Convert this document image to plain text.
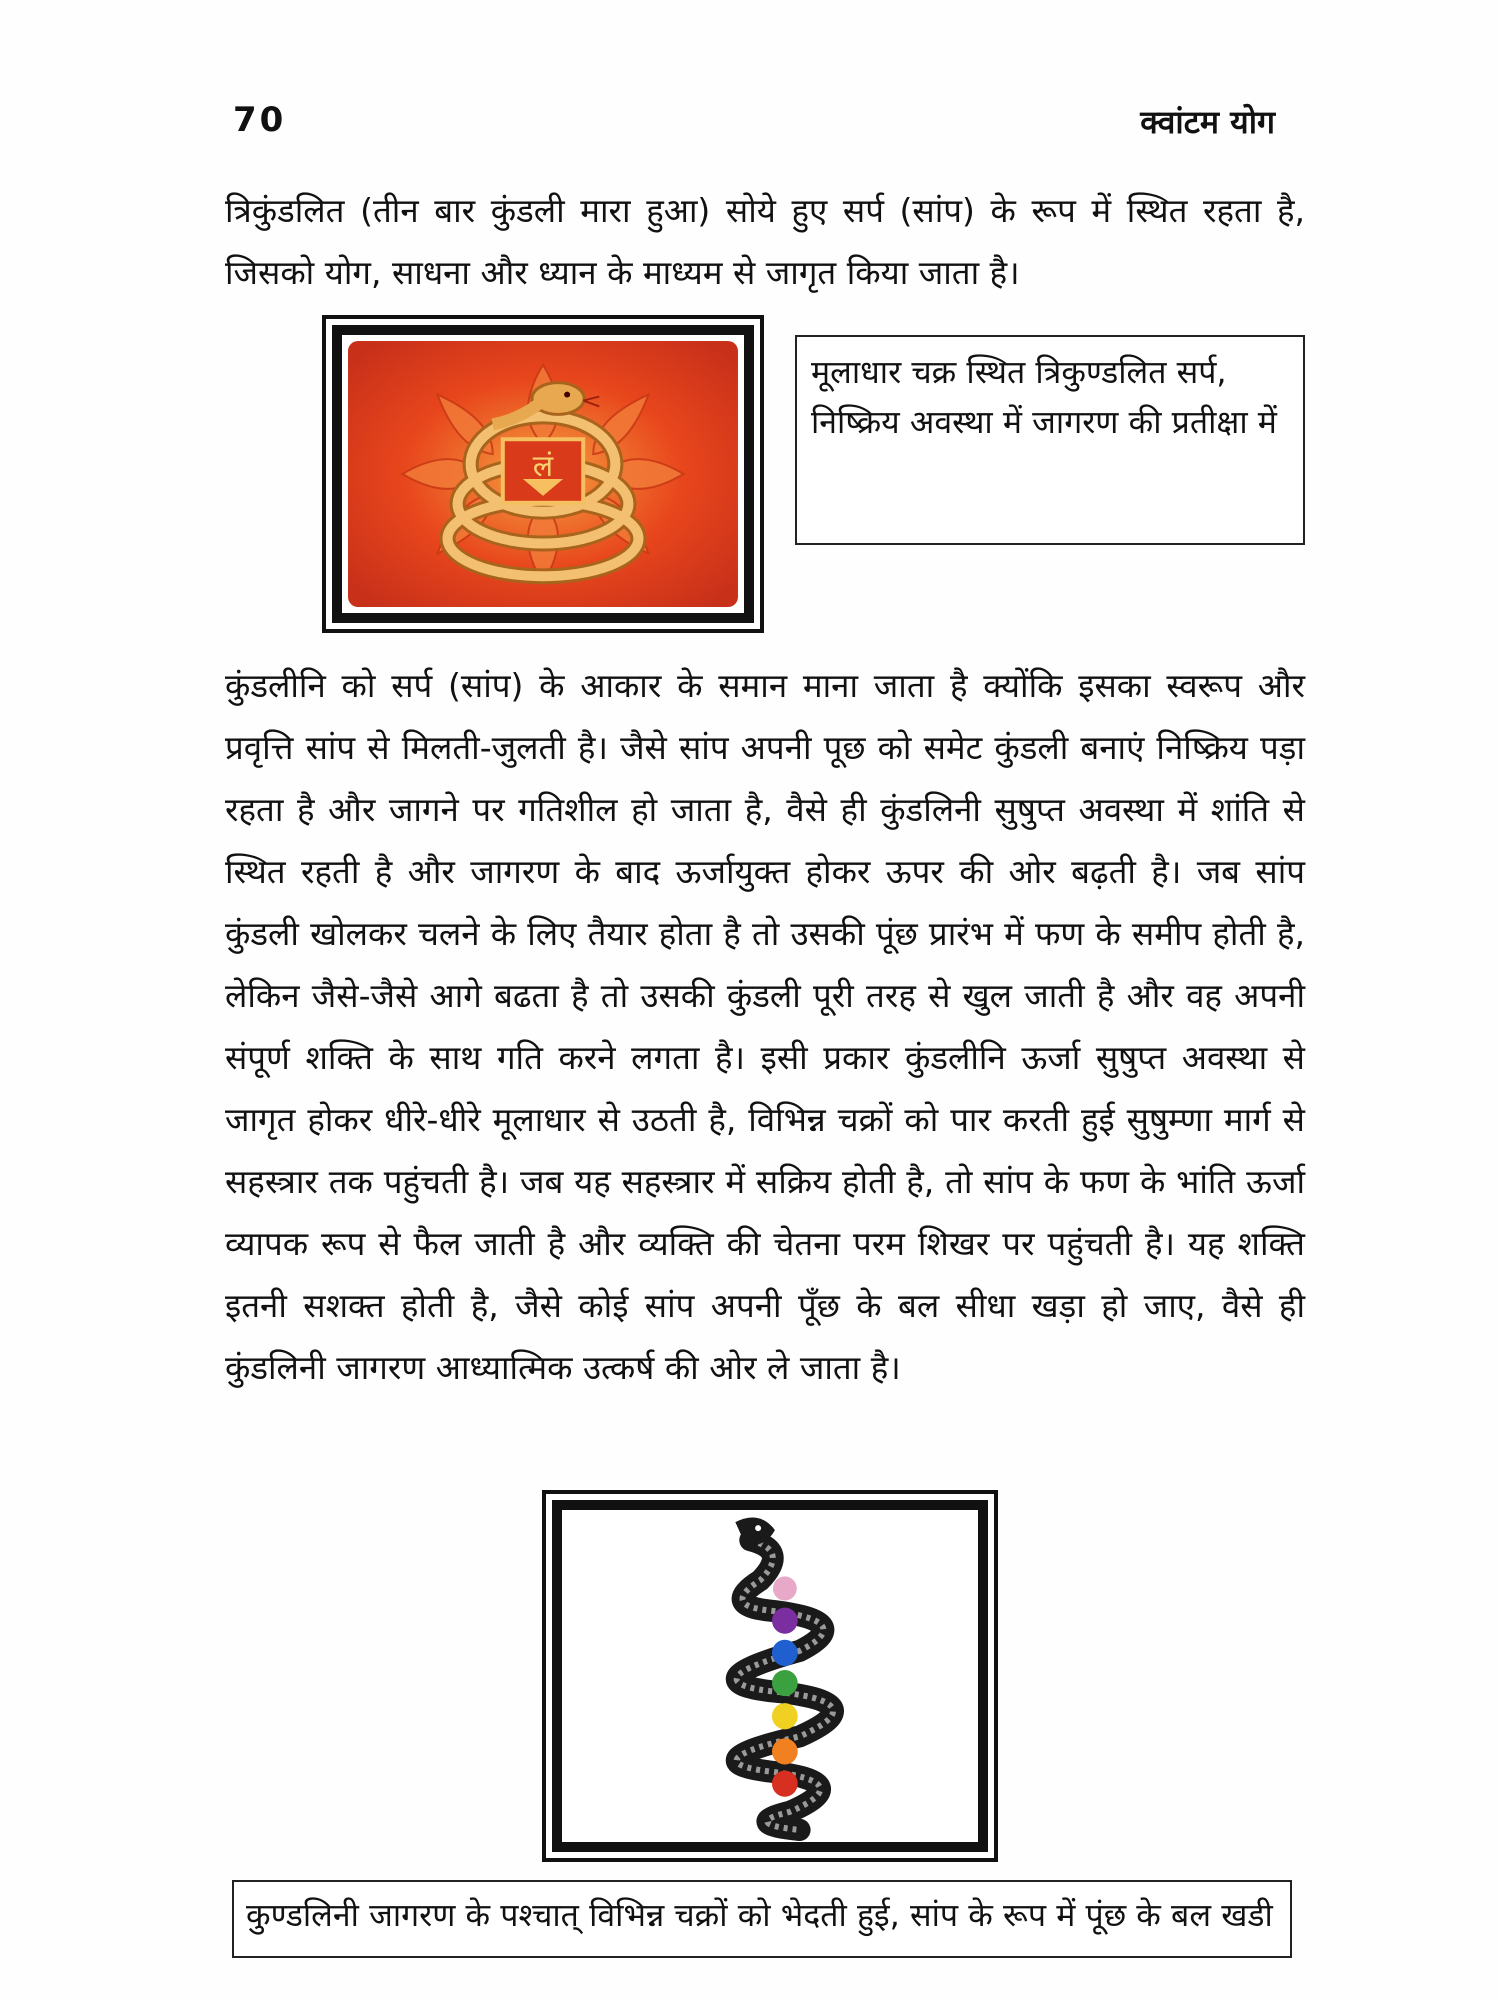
70	क्वांटम योग

त्रिकुंडलित (तीन बार कुंडली मारा हुआ) सोये हुए सर्प (सांप) के रूप में स्थित रहता है, जिसको योग, साधना और ध्यान के माध्यम से जागृत किया जाता है।

लं
मूलाधार चक्र स्थित त्रिकुण्डलित सर्प, निष्क्रिय अवस्था में जागरण की प्रतीक्षा में

कुंडलीनि को सर्प (सांप) के आकार के समान माना जाता है क्योंकि इसका स्वरूप और प्रवृत्ति सांप से मिलती-जुलती है। जैसे सांप अपनी पूछ को समेट कुंडली बनाएं निष्क्रिय पड़ा रहता है और जागने पर गतिशील हो जाता है, वैसे ही कुंडलिनी सुषुप्त अवस्था में शांति से स्थित रहती है और जागरण के बाद ऊर्जायुक्त होकर ऊपर की ओर बढ़ती है। जब सांप कुंडली खोलकर चलने के लिए तैयार होता है तो उसकी पूंछ प्रारंभ में फण के समीप होती है, लेकिन जैसे-जैसे आगे बढता है तो उसकी कुंडली पूरी तरह से खुल जाती है और वह अपनी संपूर्ण शक्ति के साथ गति करने लगता है। इसी प्रकार कुंडलीनि ऊर्जा सुषुप्त अवस्था से जागृत होकर धीरे-धीरे मूलाधार से उठती है, विभिन्न चक्रों को पार करती हुई सुषुम्णा मार्ग से सहस्त्रार तक पहुंचती है। जब यह सहस्त्रार में सक्रिय होती है, तो सांप के फण के भांति ऊर्जा व्यापक रूप से फैल जाती है और व्यक्ति की चेतना परम शिखर पर पहुंचती है। यह शक्ति इतनी सशक्त होती है, जैसे कोई सांप अपनी पूँछ के बल सीधा खड़ा हो जाए, वैसे ही कुंडलिनी जागरण आध्यात्मिक उत्कर्ष की ओर ले जाता है।

कुण्डलिनी जागरण के पश्चात् विभिन्न चक्रों को भेदती हुई, सांप के रूप में पूंछ के बल खडी
